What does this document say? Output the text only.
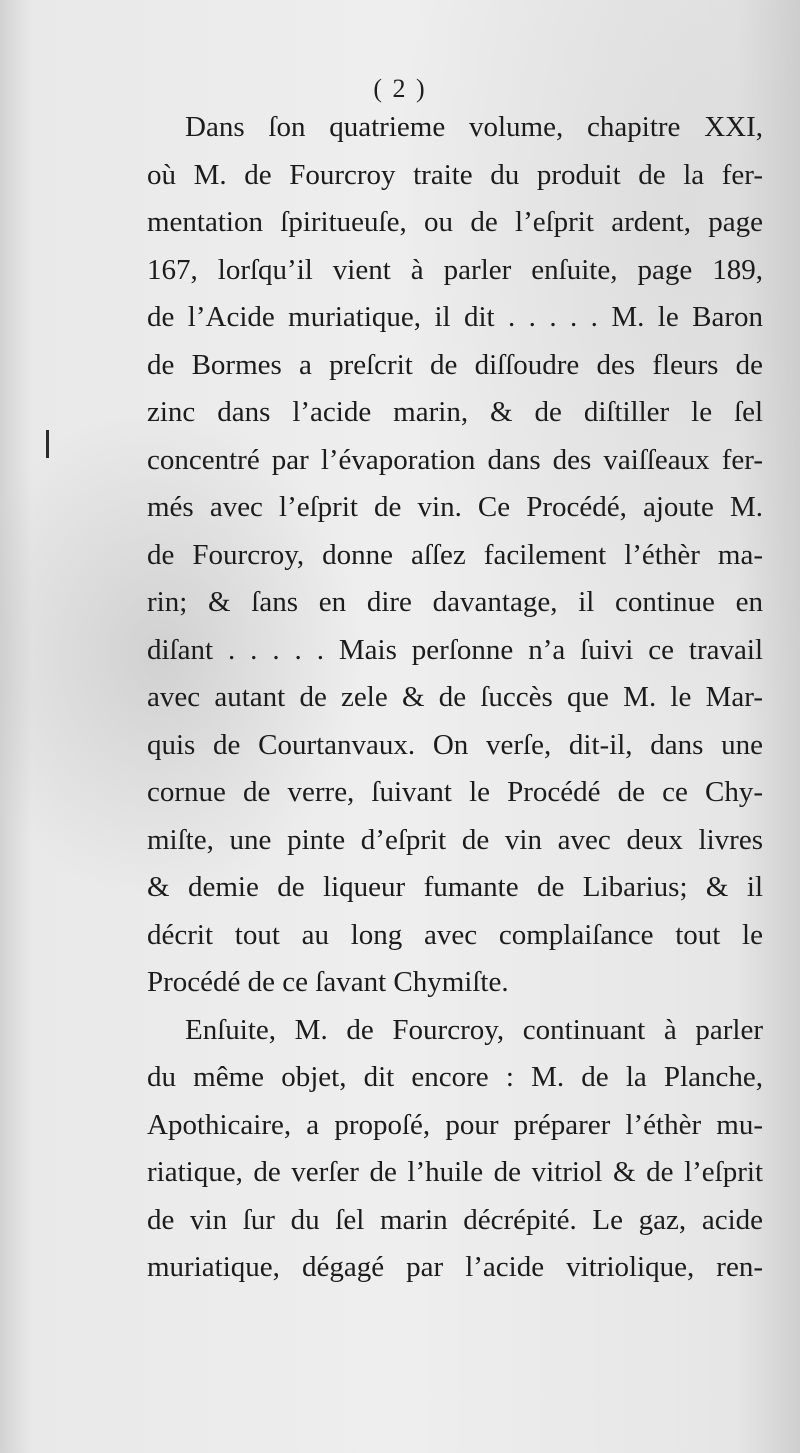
( 2 )
Dans ſon quatrieme volume, chapitre XXI,
où M. de Fourcroy traite du produit de la fer-
mentation ſpiritueuſe, ou de l’eſprit ardent, page
167, lorſqu’il vient à parler enſuite, page 189,
de l’Acide muriatique, il dit . . . . . M. le Baron
de Bormes a preſcrit de diſſoudre des fleurs de
zinc dans l’acide marin, & de diſtiller le ſel
concentré par l’évaporation dans des vaiſſeaux fer-
més avec l’eſprit de vin. Ce Procédé, ajoute M.
de Fourcroy, donne aſſez facilement l’éthèr ma-
rin; & ſans en dire davantage, il continue en
diſant . . . . . Mais perſonne n’a ſuivi ce travail
avec autant de zele & de ſuccès que M. le Mar-
quis de Courtanvaux. On verſe, dit-il, dans une
cornue de verre, ſuivant le Procédé de ce Chy-
miſte, une pinte d’eſprit de vin avec deux livres
& demie de liqueur fumante de Libarius; & il
décrit tout au long avec complaiſance tout le
Procédé de ce ſavant Chymiſte.
Enſuite, M. de Fourcroy, continuant à parler
du même objet, dit encore : M. de la Planche,
Apothicaire, a propoſé, pour préparer l’éthèr mu-
riatique, de verſer de l’huile de vitriol & de l’eſprit
de vin ſur du ſel marin décrépité. Le gaz, acide
muriatique, dégagé par l’acide vitriolique, ren-
